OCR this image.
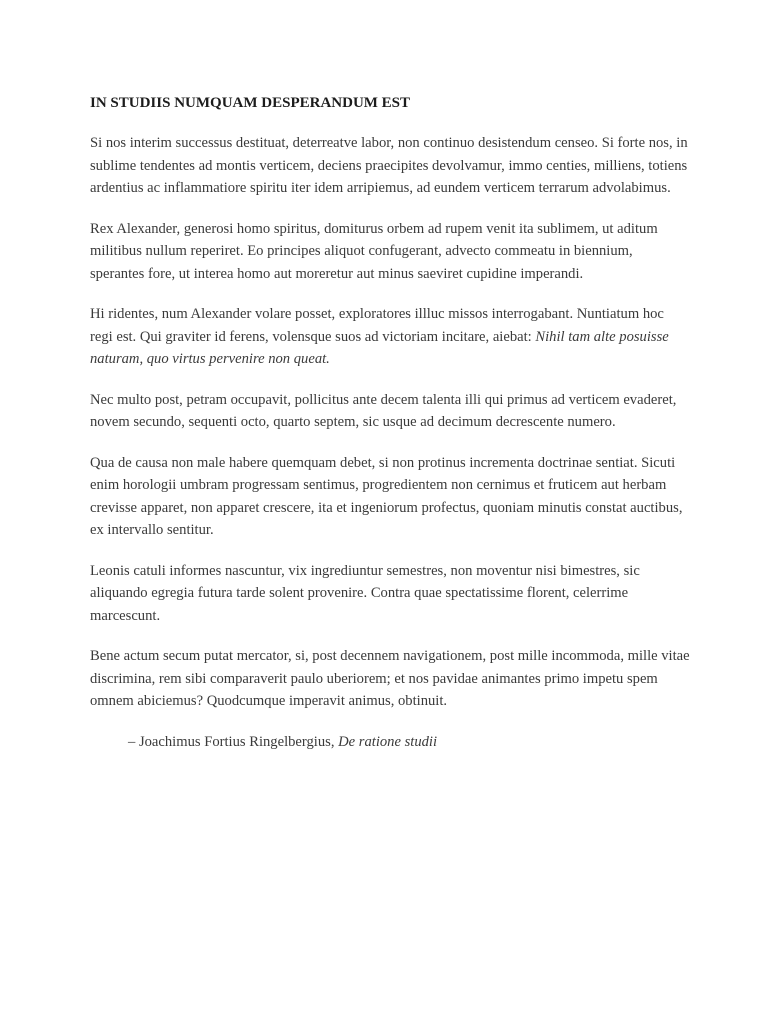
IN STUDIIS NUMQUAM DESPERANDUM EST

Si nos interim successus destituat, deterreatve labor, non continuo desistendum censeo. Si forte nos, in sublime tendentes ad montis verticem, deciens praecipites devolvamur, immo centies, milliens, totiens ardentius ac inflammatiore spiritu iter idem arripiemus, ad eundem verticem terrarum advolabimus.

Rex Alexander, generosi homo spiritus, domiturus orbem ad rupem venit ita sublimem, ut aditum militibus nullum reperiret. Eo principes aliquot confugerant, advecto commeatu in biennium, sperantes fore, ut interea homo aut moreretur aut minus saeviret cupidine imperandi.

Hi ridentes, num Alexander volare posset, exploratores illluc missos interrogabant. Nuntiatum hoc regi est. Qui graviter id ferens, volensque suos ad victoriam incitare, aiebat: Nihil tam alte posuisse naturam, quo virtus pervenire non queat.

Nec multo post, petram occupavit, pollicitus ante decem talenta illi qui primus ad verticem evaderet, novem secundo, sequenti octo, quarto septem, sic usque ad decimum decrescente numero.

Qua de causa non male habere quemquam debet, si non protinus incrementa doctrinae sentiat. Sicuti enim horologii umbram progressam sentimus, progredientem non cernimus et fruticem aut herbam crevisse apparet, non apparet crescere, ita et ingeniorum profectus, quoniam minutis constat auctibus, ex intervallo sentitur.

Leonis catuli informes nascuntur, vix ingrediuntur semestres, non moventur nisi bimestres, sic aliquando egregia futura tarde solent provenire. Contra quae spectatissime florent, celerrime marcescunt.

Bene actum secum putat mercator, si, post decennem navigationem, post mille incommoda, mille vitae discrimina, rem sibi comparaverit paulo uberiorem; et nos pavidae animantes primo impetu spem omnem abiciemus? Quodcumque imperavit animus, obtinuit.

– Joachimus Fortius Ringelbergius, De ratione studii
